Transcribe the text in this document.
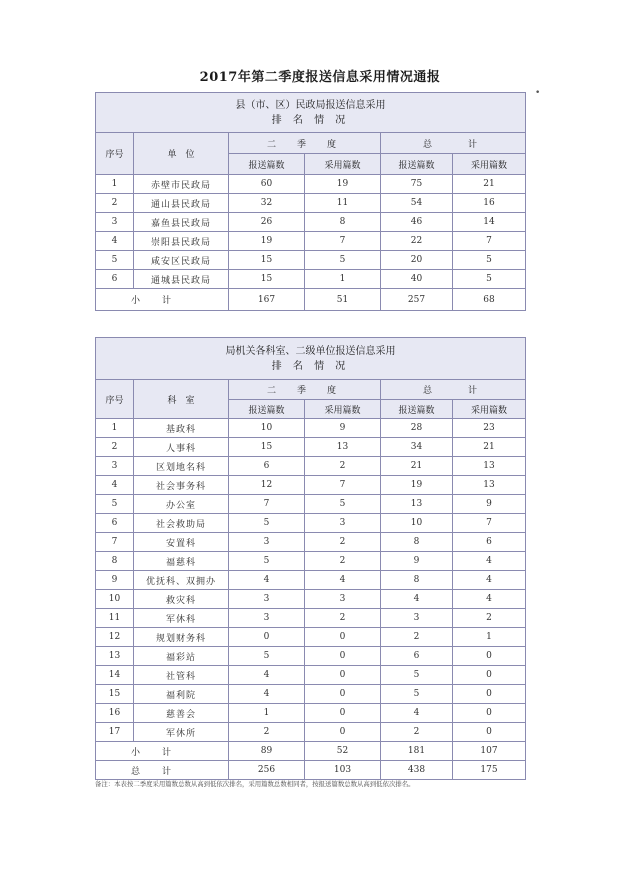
2017年第二季度报送信息采用情况通报
•
县（市、区）民政局报送信息采用
排 名 情 况					

序号	单　位	二　季　度		总　　计	
		报送篇数	采用篇数	报送篇数	采用篇数
1	赤壁市民政局	60	19	75	21
2	通山县民政局	32	11	54	16
3	嘉鱼县民政局	26	8	46	14
4	崇阳县民政局	19	7	22	7
5	咸安区民政局	15	5	20	5
6	通城县民政局	15	1	40	5
小计		167	51	257	68
局机关各科室、二级单位报送信息采用
排 名 情 况					

序号	科　室	二　季　度		总　　计	
		报送篇数	采用篇数	报送篇数	采用篇数
1	基政科	10	9	28	23
2	人事科	15	13	34	21
3	区划地名科	6	2	21	13
4	社会事务科	12	7	19	13
5	办公室	7	5	13	9
6	社会救助局	5	3	10	7
7	安置科	3	2	8	6
8	福慈科	5	2	9	4
9	优抚科、双拥办	4	4	8	4
10	救灾科	3	3	4	4
11	军休科	3	2	3	2
12	规划财务科	0	0	2	1
13	福彩站	5	0	6	0
14	社管科	4	0	5	0
15	福利院	4	0	5	0
16	慈善会	1	0	4	0
17	军休所	2	0	2	0
小计		89	52	181	107
总计		256	103	438	175
备注：本表按二季度采用篇数总数从高到低依次排名，采用篇数总数相同者，按报送篇数总数从高到低依次排名。
